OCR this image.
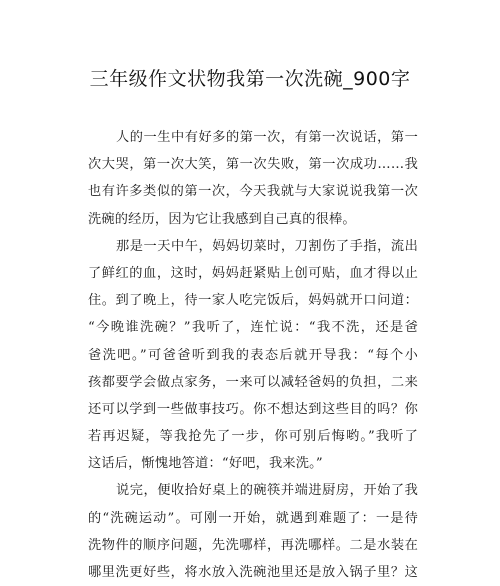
三年级作文状物我第一次洗碗_900字
人的一生中有好多的第一次，有第一次说话，第一
次大哭，第一次大笑，第一次失败，第一次成功……我
也有许多类似的第一次，今天我就与大家说说我第一次
洗碗的经历，因为它让我感到自己真的很棒。
那是一天中午，妈妈切菜时，刀割伤了手指，流出
了鲜红的血，这时，妈妈赶紧贴上创可贴，血才得以止
住。到了晚上，待一家人吃完饭后，妈妈就开口问道：
“今晚谁洗碗？”我听了，连忙说：“我不洗，还是爸
爸洗吧。”可爸爸听到我的表态后就开导我：“每个小
孩都要学会做点家务，一来可以减轻爸妈的负担，二来
还可以学到一些做事技巧。你不想达到这些目的吗？你
若再迟疑，等我抢先了一步，你可别后悔哟。”我听了
这话后，惭愧地答道：“好吧，我来洗。”
说完，便收拾好桌上的碗筷并端进厨房，开始了我
的“洗碗运动”。可刚一开始，就遇到难题了：一是待
洗物件的顺序问题，先洗哪样，再洗哪样。二是水装在
哪里洗更好些，将水放入洗碗池里还是放入锅子里？这
